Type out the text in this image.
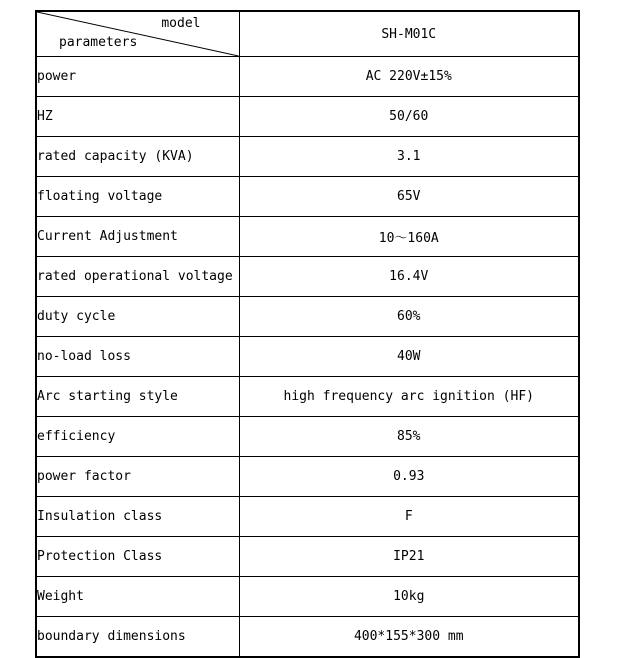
model
parameters	SH-M01C
power	AC 220V±15%
HZ	50/60
rated capacity (KVA)	3.1
floating voltage	65V
Current Adjustment	10～160A
rated operational voltage	16.4V
duty cycle	60%
no-load loss	40W
Arc starting style	high frequency arc ignition (HF)
efficiency	85%
power factor	0.93
Insulation class	F
Protection Class	IP21
Weight	10kg
boundary dimensions	400*155*300 mm
